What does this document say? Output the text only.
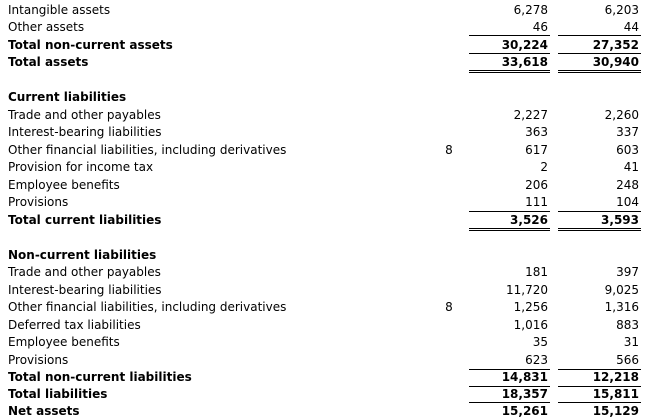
Intangible assets	6,278	6,203
Other assets	46	44
Total non-current assets	30,224	27,352
Total assets	33,618	30,940
Current liabilities
Trade and other payables	2,227	2,260
Interest-bearing liabilities	363	337
Other financial liabilities, including derivatives	8	617	603
Provision for income tax	2	41
Employee benefits	206	248
Provisions	111	104
Total current liabilities	3,526	3,593
Non-current liabilities
Trade and other payables	181	397
Interest-bearing liabilities	11,720	9,025
Other financial liabilities, including derivatives	8	1,256	1,316
Deferred tax liabilities	1,016	883
Employee benefits	35	31
Provisions	623	566
Total non-current liabilities	14,831	12,218
Total liabilities	18,357	15,811
Net assets	15,261	15,129
